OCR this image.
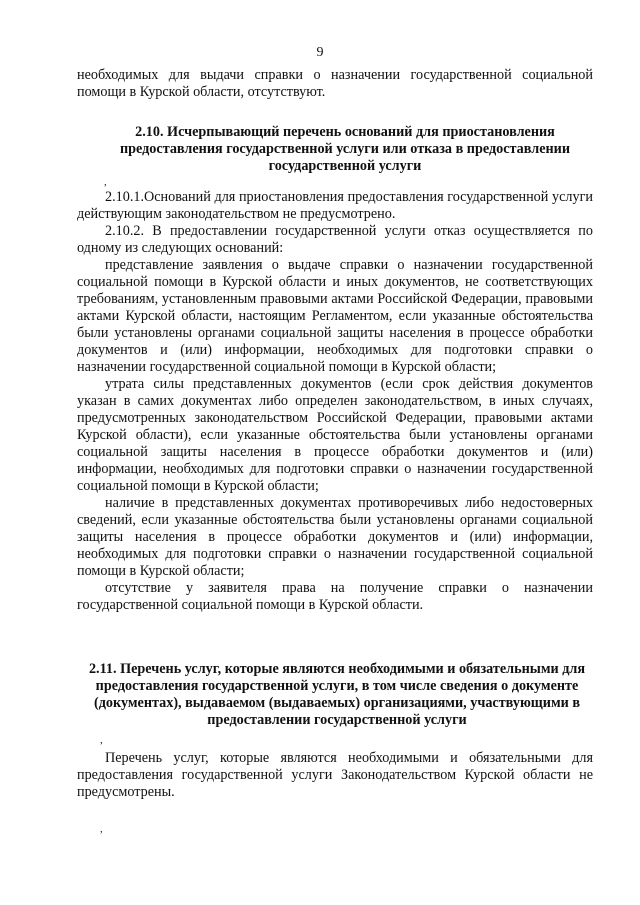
9

необходимых для выдачи справки о назначении государственной социальной помощи в Курской области, отсутствуют.

2.10. Исчерпывающий перечень оснований для приостановления предоставления государственной услуги или отказа в предоставлении государственной услуги

,

2.10.1.Оснований для приостановления предоставления государственной услуги действующим законодательством не предусмотрено.

2.10.2. В предоставлении государственной услуги отказ осуществляется по одному из следующих оснований:

представление заявления о выдаче справки о назначении государственной социальной помощи в Курской области и иных документов, не соответствующих требованиям, установленным правовыми актами Российской Федерации, правовыми актами Курской области, настоящим Регламентом, если указанные обстоятельства были установлены органами социальной защиты населения в процессе обработки документов и (или) информации, необходимых для подготовки справки о назначении государственной социальной помощи в Курской области;

утрата силы представленных документов (если срок действия документов указан в самих документах либо определен законодательством, в иных случаях, предусмотренных законодательством Российской Федерации, правовыми актами Курской области), если указанные обстоятельства были установлены органами социальной защиты населения в процессе обработки документов и (или) информации, необходимых для подготовки справки о назначении государственной социальной помощи в Курской области;

наличие в представленных документах противоречивых либо недостоверных сведений, если указанные обстоятельства были установлены органами социальной защиты населения в процессе обработки документов и (или) информации, необходимых для подготовки справки о назначении государственной социальной помощи в Курской области;

отсутствие у заявителя права на получение справки о назначении государственной социальной помощи в Курской области.

2.11. Перечень услуг, которые являются необходимыми и обязательными для предоставления государственной услуги, в том числе сведения о документе (документах), выдаваемом (выдаваемых) организациями, участвующими в предоставлении государственной услуги

,

Перечень услуг, которые являются необходимыми и обязательными для предоставления государственной услуги Законодательством Курской области не предусмотрены.

,
